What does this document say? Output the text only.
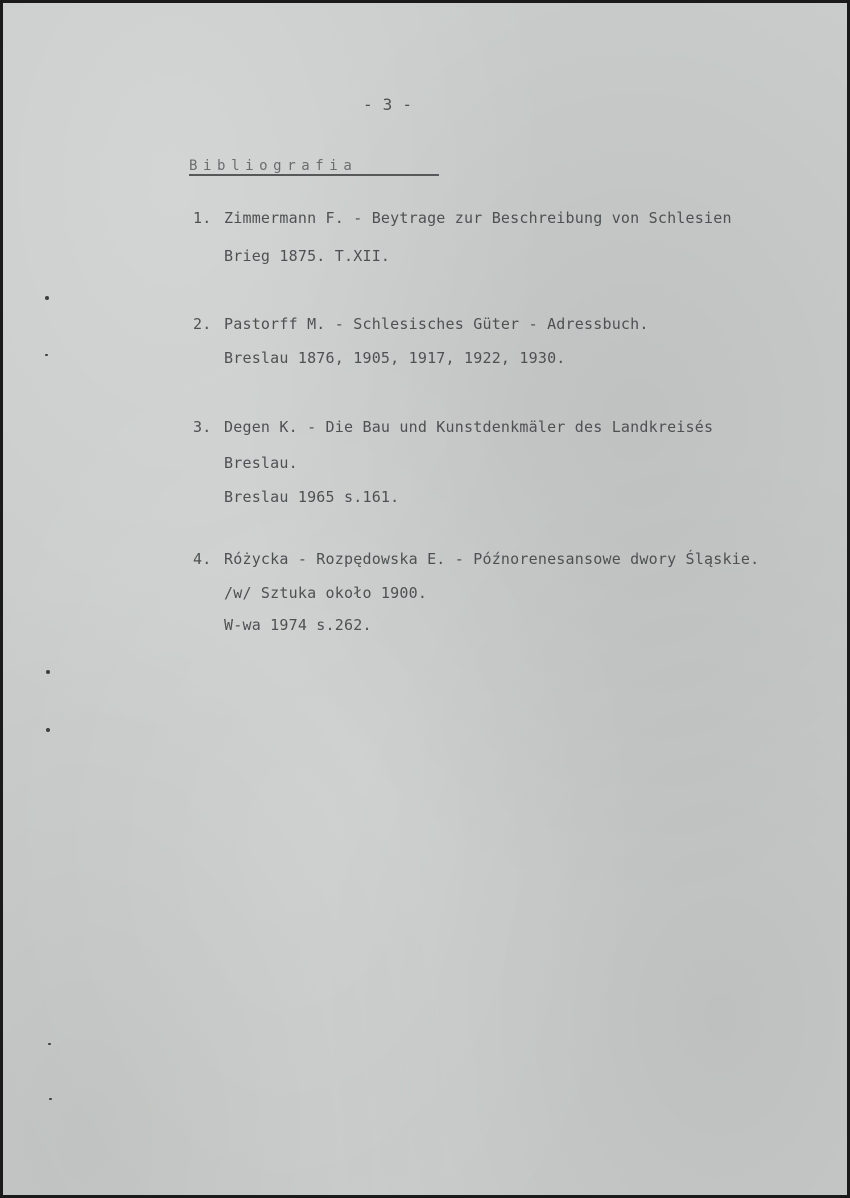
- 3 -
Bibliografia
1. Zimmermann F. - Beytrage zur Beschreibung von Schlesien
Brieg 1875. T.XII.
2. Pastorff M. - Schlesisches Güter - Adressbuch.
Breslau 1876, 1905, 1917, 1922, 1930.
3. Degen K. - Die Bau und Kunstdenkmäler des Landkreisés
Breslau.
Breslau 1965 s.161.
4. Różycka - Rozpędowska E. - Późnorenesansowe dwory Śląskie.
/w/ Sztuka około 1900.
W-wa 1974 s.262.
